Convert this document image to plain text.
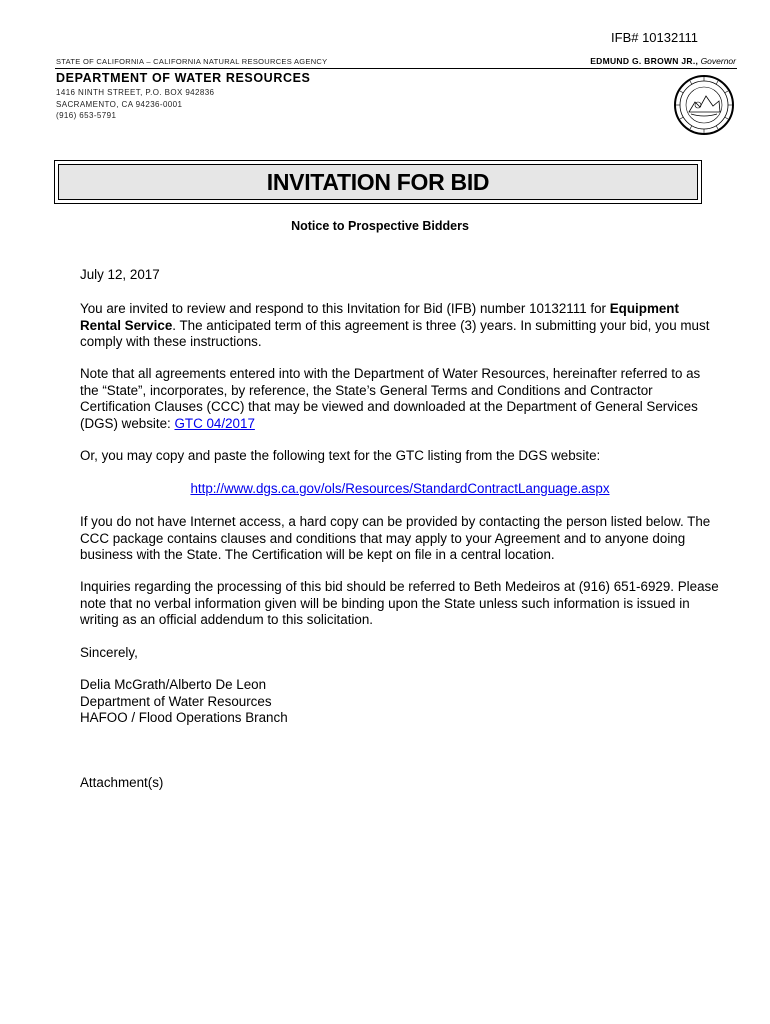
IFB# 10132111
STATE OF CALIFORNIA – CALIFORNIA NATURAL RESOURCES AGENCY	EDMUND G. BROWN JR., Governor
DEPARTMENT OF WATER RESOURCES
1416 NINTH STREET, P.O. BOX 942836
SACRAMENTO, CA 94236-0001
(916) 653-5791
INVITATION FOR BID
Notice to Prospective Bidders

July 12, 2017

You are invited to review and respond to this Invitation for Bid (IFB) number 10132111 for Equipment Rental Service. The anticipated term of this agreement is three (3) years. In submitting your bid, you must comply with these instructions.

Note that all agreements entered into with the Department of Water Resources, hereinafter referred to as the “State”, incorporates, by reference, the State’s General Terms and Conditions and Contractor Certification Clauses (CCC) that may be viewed and downloaded at the Department of General Services (DGS) website: GTC 04/2017

Or, you may copy and paste the following text for the GTC listing from the DGS website:

http://www.dgs.ca.gov/ols/Resources/StandardContractLanguage.aspx

If you do not have Internet access, a hard copy can be provided by contacting the person listed below. The CCC package contains clauses and conditions that may apply to your Agreement and to anyone doing business with the State. The Certification will be kept on file in a central location.

Inquiries regarding the processing of this bid should be referred to Beth Medeiros at (916) 651-6929. Please note that no verbal information given will be binding upon the State unless such information is issued in writing as an official addendum to this solicitation.

Sincerely,

Delia McGrath/Alberto De Leon

Department of Water Resources

HAFOO / Flood Operations Branch

Attachment(s)
